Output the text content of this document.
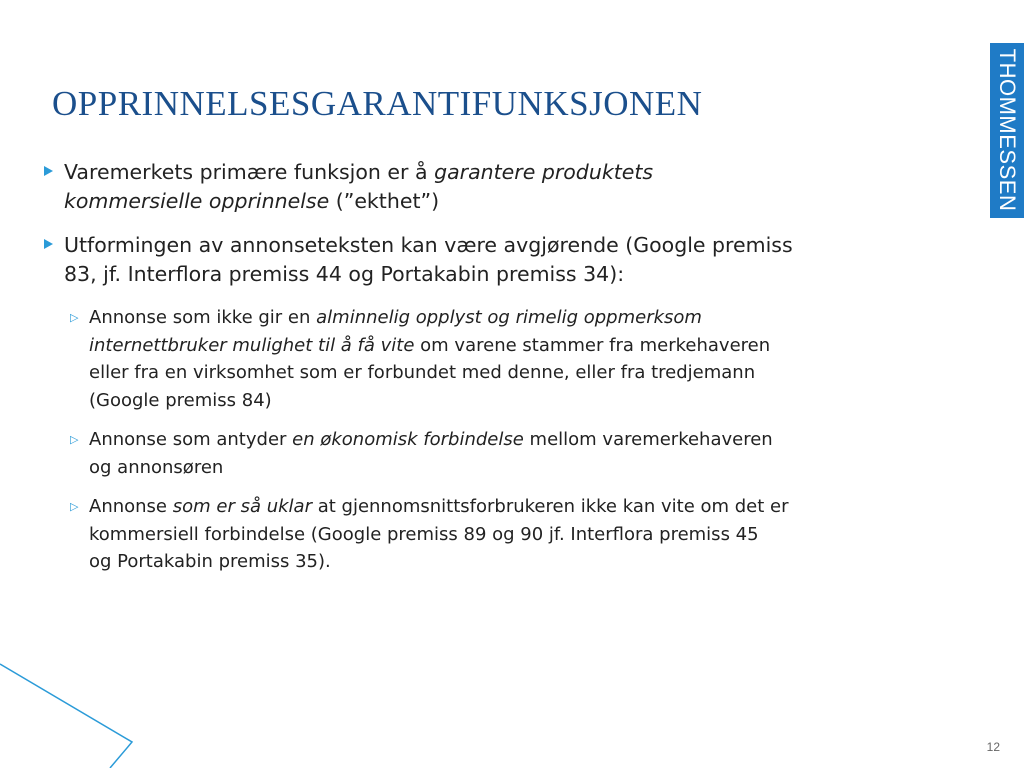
OPPRINNELSESGARANTIFUNKSJONEN	THOMMESSEN
Varemerkets primære funksjon er å garantere produktets
kommersielle opprinnelse (”ekthet”)
Utformingen av annonseteksten kan være avgjørende (Google premiss
83, jf. Interflora premiss 44 og Portakabin premiss 34):
▷ Annonse som ikke gir en alminnelig opplyst og rimelig oppmerksom
internettbruker mulighet til å få vite om varene stammer fra merkehaveren
eller fra en virksomhet som er forbundet med denne, eller fra tredjemann
(Google premiss 84)
▷ Annonse som antyder en økonomisk forbindelse mellom varemerkehaveren
og annonsøren
▷ Annonse som er så uklar at gjennomsnittsforbrukeren ikke kan vite om det er
kommersiell forbindelse (Google premiss 89 og 90 jf. Interflora premiss 45
og Portakabin premiss 35).
12
